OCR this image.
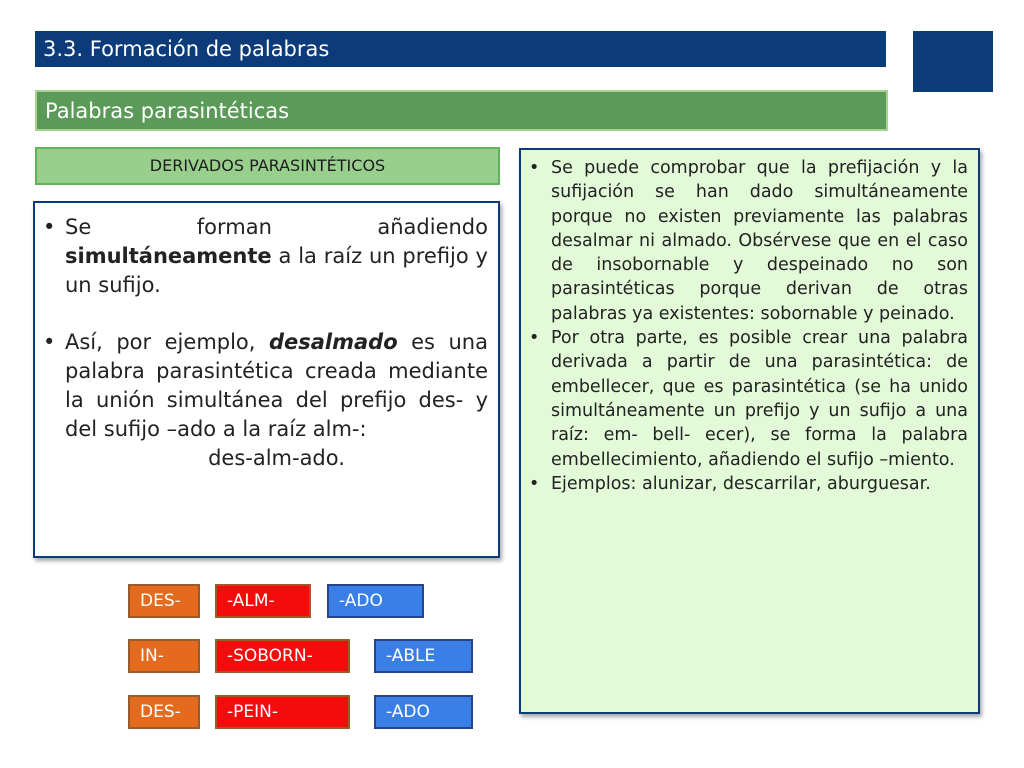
3.3. Formación de palabras
Palabras parasintéticas
DERIVADOS PARASINTÉTICOS
• Se forman añadiendo simultáneamente a la raíz un prefijo y un sufijo.
• Así, por ejemplo, desalmado es una palabra parasintética creada mediante la unión simultánea del prefijo des- y del sufijo –ado a la raíz alm-:
des-alm-ado.
• Se puede comprobar que la prefijación y la sufijación se han dado simultáneamente porque no existen previamente las palabras desalmar ni almado. Obsérvese que en el caso de insobornable y despeinado no son parasintéticas porque derivan de otras palabras ya existentes: sobornable y peinado.
• Por otra parte, es posible crear una palabra derivada a partir de una parasintética: de embellecer, que es parasintética (se ha unido simultáneamente un prefijo y un sufijo a una raíz: em- bell- ecer), se forma la palabra embellecimiento, añadiendo el sufijo –miento.
• Ejemplos: alunizar, descarrilar, aburguesar.
DES-	-ALM-	-ADO
IN-	-SOBORN-	-ABLE
DES-	-PEIN-	-ADO
